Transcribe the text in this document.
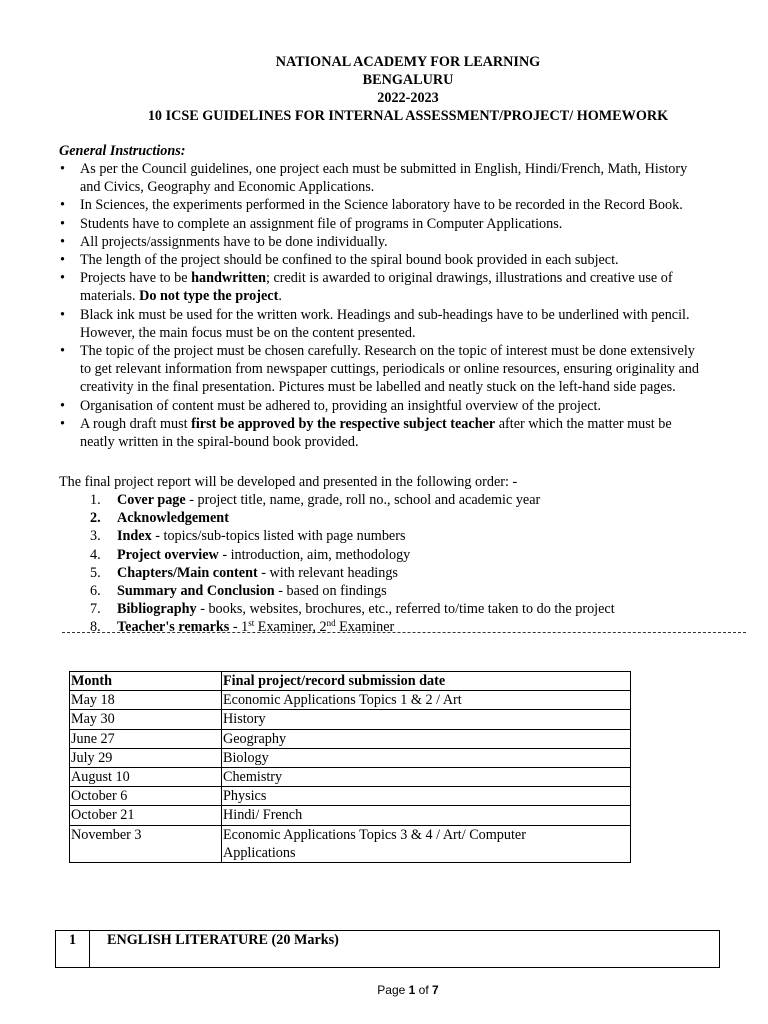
NATIONAL ACADEMY FOR LEARNING
BENGALURU
2022-2023
10 ICSE GUIDELINES FOR INTERNAL ASSESSMENT/PROJECT/ HOMEWORK
General Instructions:
• As per the Council guidelines, one project each must be submitted in English, Hindi/French, Math, History
and Civics, Geography and Economic Applications.
• In Sciences, the experiments performed in the Science laboratory have to be recorded in the Record Book.
• Students have to complete an assignment file of programs in Computer Applications.
• All projects/assignments have to be done individually.
• The length of the project should be confined to the spiral bound book provided in each subject.
• Projects have to be handwritten; credit is awarded to original drawings, illustrations and creative use of
materials. Do not type the project.
• Black ink must be used for the written work. Headings and sub-headings have to be underlined with pencil.
However, the main focus must be on the content presented.
• The topic of the project must be chosen carefully. Research on the topic of interest must be done extensively
to get relevant information from newspaper cuttings, periodicals or online resources, ensuring originality and
creativity in the final presentation. Pictures must be labelled and neatly stuck on the left-hand side pages.
• Organisation of content must be adhered to, providing an insightful overview of the project.
• A rough draft must first be approved by the respective subject teacher after which the matter must be
neatly written in the spiral-bound book provided.
The final project report will be developed and presented in the following order: -
1. Cover page - project title, name, grade, roll no., school and academic year
2. Acknowledgement
3. Index - topics/sub-topics listed with page numbers
4. Project overview - introduction, aim, methodology
5. Chapters/Main content - with relevant headings
6. Summary and Conclusion - based on findings
7. Bibliography - books, websites, brochures, etc., referred to/time taken to do the project
8. Teacher's remarks - 1st Examiner, 2nd Examiner
Month	Final project/record submission date
May 18	Economic Applications Topics 1 & 2 / Art
May 30	History
June 27	Geography
July 29	Biology
August 10	Chemistry
October 6	Physics
October 21	Hindi/ French
November 3	Economic Applications Topics 3 & 4 / Art/ Computer
Applications
1	ENGLISH LITERATURE (20 Marks)
Page 1 of 7
